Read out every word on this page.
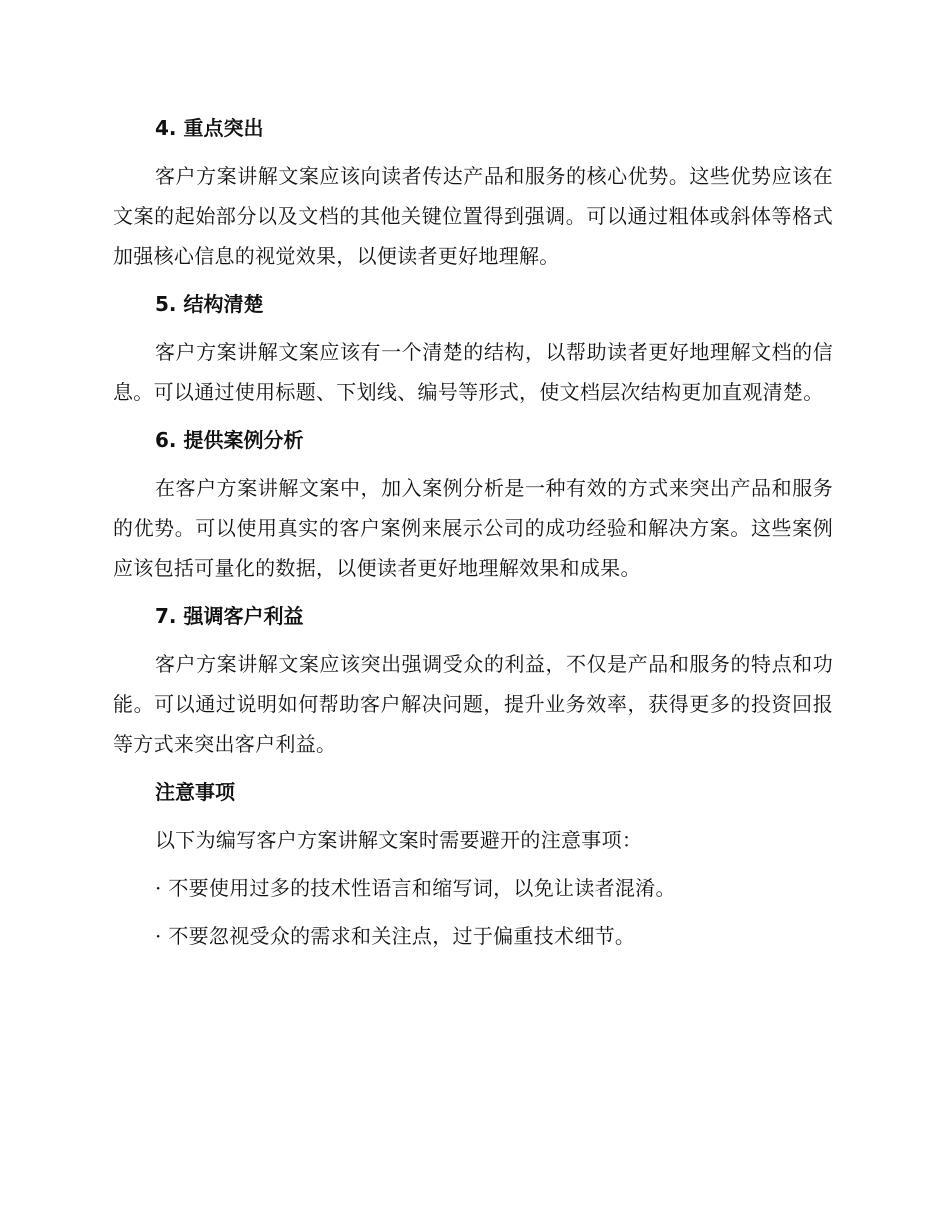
4. 重点突出
客户方案讲解文案应该向读者传达产品和服务的核心优势。这些优势应该在文案的起始部分以及文档的其他关键位置得到强调。可以通过粗体或斜体等格式加强核心信息的视觉效果，以便读者更好地理解。
5. 结构清楚
客户方案讲解文案应该有一个清楚的结构，以帮助读者更好地理解文档的信息。可以通过使用标题、下划线、编号等形式，使文档层次结构更加直观清楚。
6. 提供案例分析
在客户方案讲解文案中，加入案例分析是一种有效的方式来突出产品和服务的优势。可以使用真实的客户案例来展示公司的成功经验和解决方案。这些案例应该包括可量化的数据，以便读者更好地理解效果和成果。
7. 强调客户利益
客户方案讲解文案应该突出强调受众的利益，不仅是产品和服务的特点和功能。可以通过说明如何帮助客户解决问题，提升业务效率，获得更多的投资回报等方式来突出客户利益。
注意事项
以下为编写客户方案讲解文案时需要避开的注意事项：
· 不要使用过多的技术性语言和缩写词，以免让读者混淆。
· 不要忽视受众的需求和关注点，过于偏重技术细节。
